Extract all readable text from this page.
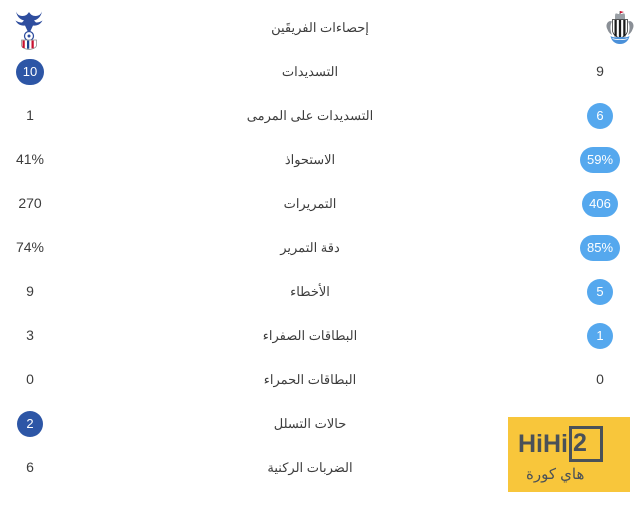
إحصاءات الفريقَين
10	التسديدات	9
1	التسديدات على المرمى	6
41%	الاستحواذ	59%
270	التمريرات	406
74%	دقة التمرير	85%
9	الأخطاء	5
3	البطاقات الصفراء	1
0	البطاقات الحمراء	0
2	حالات التسلل
6	الضربات الركنية
HiHi 2
هاي كورة
